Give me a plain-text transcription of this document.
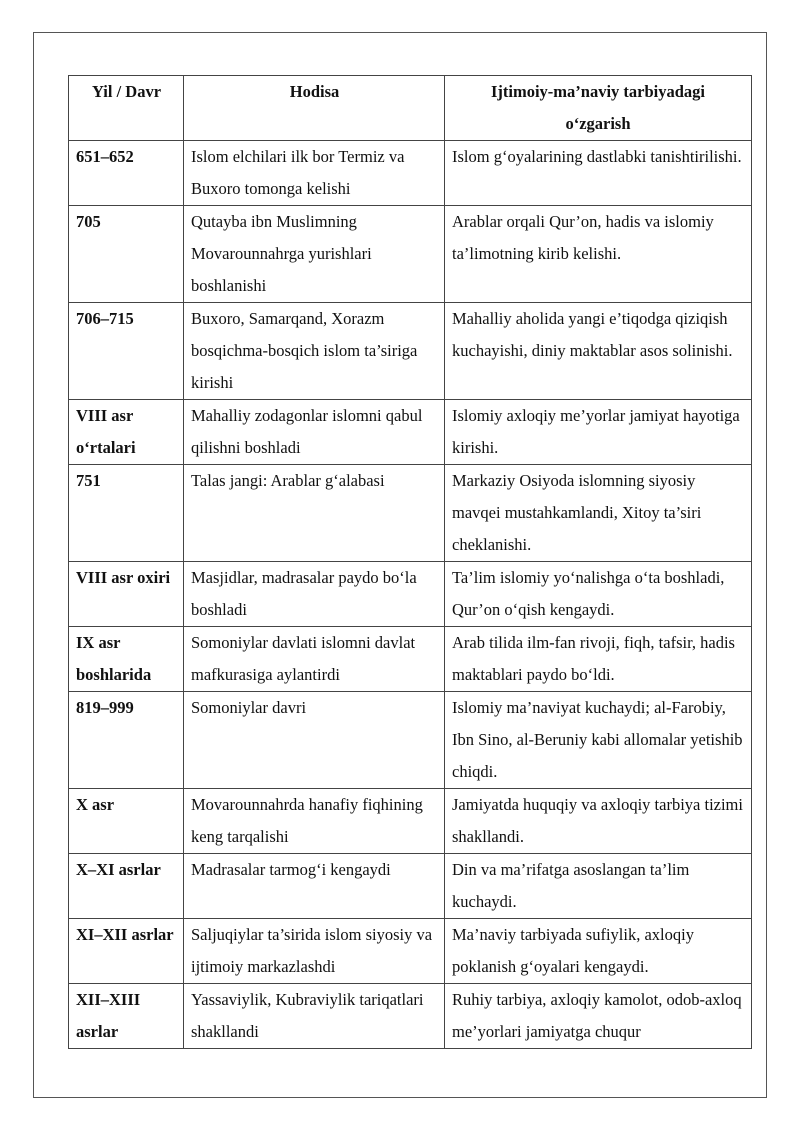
Yil / Davr	Hodisa	Ijtimoiy-ma’naviy tarbiyadagi o‘zgarish
651–652	Islom elchilari ilk bor Termiz va Buxoro tomonga kelishi	Islom g‘oyalarining dastlabki tanishtirilishi.
705	Qutayba ibn Muslimning Movarounnahrga yurishlari boshlanishi	Arablar orqali Qur’on, hadis va islomiy ta’limotning kirib kelishi.
706–715	Buxoro, Samarqand, Xorazm bosqichma-bosqich islom ta’siriga kirishi	Mahalliy aholida yangi e’tiqodga qiziqish kuchayishi, diniy maktablar asos solinishi.
VIII asr o‘rtalari	Mahalliy zodagonlar islomni qabul qilishni boshladi	Islomiy axloqiy me’yorlar jamiyat hayotiga kirishi.
751	Talas jangi: Arablar g‘alabasi	Markaziy Osiyoda islomning siyosiy mavqei mustahkamlandi, Xitoy ta’siri cheklanishi.
VIII asr oxiri	Masjidlar, madrasalar paydo bo‘la boshladi	Ta’lim islomiy yo‘nalishga o‘ta boshladi, Qur’on o‘qish kengaydi.
IX asr boshlarida	Somoniylar davlati islomni davlat mafkurasiga aylantirdi	Arab tilida ilm-fan rivoji, fiqh, tafsir, hadis maktablari paydo bo‘ldi.
819–999	Somoniylar davri	Islomiy ma’naviyat kuchaydi; al-Farobiy, Ibn Sino, al-Beruniy kabi allomalar yetishib chiqdi.
X asr	Movarounnahrda hanafiy fiqhining keng tarqalishi	Jamiyatda huquqiy va axloqiy tarbiya tizimi shakllandi.
X–XI asrlar	Madrasalar tarmog‘i kengaydi	Din va ma’rifatga asoslangan ta’lim kuchaydi.
XI–XII asrlar	Saljuqiylar ta’sirida islom siyosiy va ijtimoiy markazlashdi	Ma’naviy tarbiyada sufiylik, axloqiy poklanish g‘oyalari kengaydi.
XII–XIII asrlar	Yassaviylik, Kubraviylik tariqatlari shakllandi	Ruhiy tarbiya, axloqiy kamolot, odob-axloq me’yorlari jamiyatga chuqur
